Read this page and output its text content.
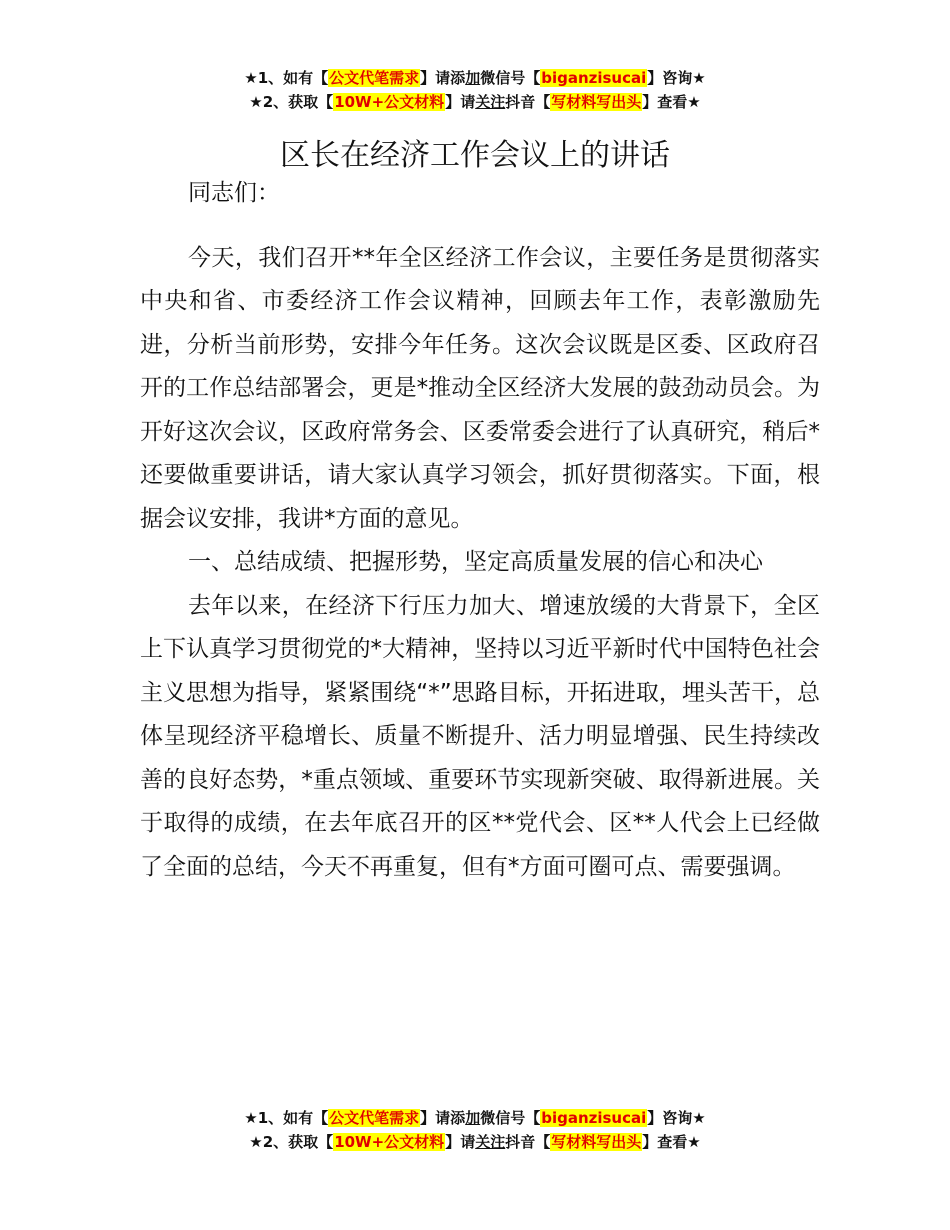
★1、如有【公文代笔需求】请添加微信号【biganzisucai】咨询★
★2、获取【10W+公文材料】请关注抖音【写材料写出头】查看★
区长在经济工作会议上的讲话

同志们：

今天，我们召开**年全区经济工作会议，主要任务是贯彻落实中央和省、市委经济工作会议精神，回顾去年工作，表彰激励先进，分析当前形势，安排今年任务。这次会议既是区委、区政府召开的工作总结部署会，更是*推动全区经济大发展的鼓劲动员会。为开好这次会议，区政府常务会、区委常委会进行了认真研究，稍后*还要做重要讲话，请大家认真学习领会，抓好贯彻落实。下面，根据会议安排，我讲*方面的意见。

一、总结成绩、把握形势，坚定高质量发展的信心和决心

去年以来，在经济下行压力加大、增速放缓的大背景下，全区上下认真学习贯彻党的*大精神，坚持以习近平新时代中国特色社会主义思想为指导，紧紧围绕“*”思路目标，开拓进取，埋头苦干，总体呈现经济平稳增长、质量不断提升、活力明显增强、民生持续改善的良好态势，*重点领域、重要环节实现新突破、取得新进展。关于取得的成绩，在去年底召开的区**党代会、区**人代会上已经做了全面的总结，今天不再重复，但有*方面可圈可点、需要强调。

★1、如有【公文代笔需求】请添加微信号【biganzisucai】咨询★
★2、获取【10W+公文材料】请关注抖音【写材料写出头】查看★
